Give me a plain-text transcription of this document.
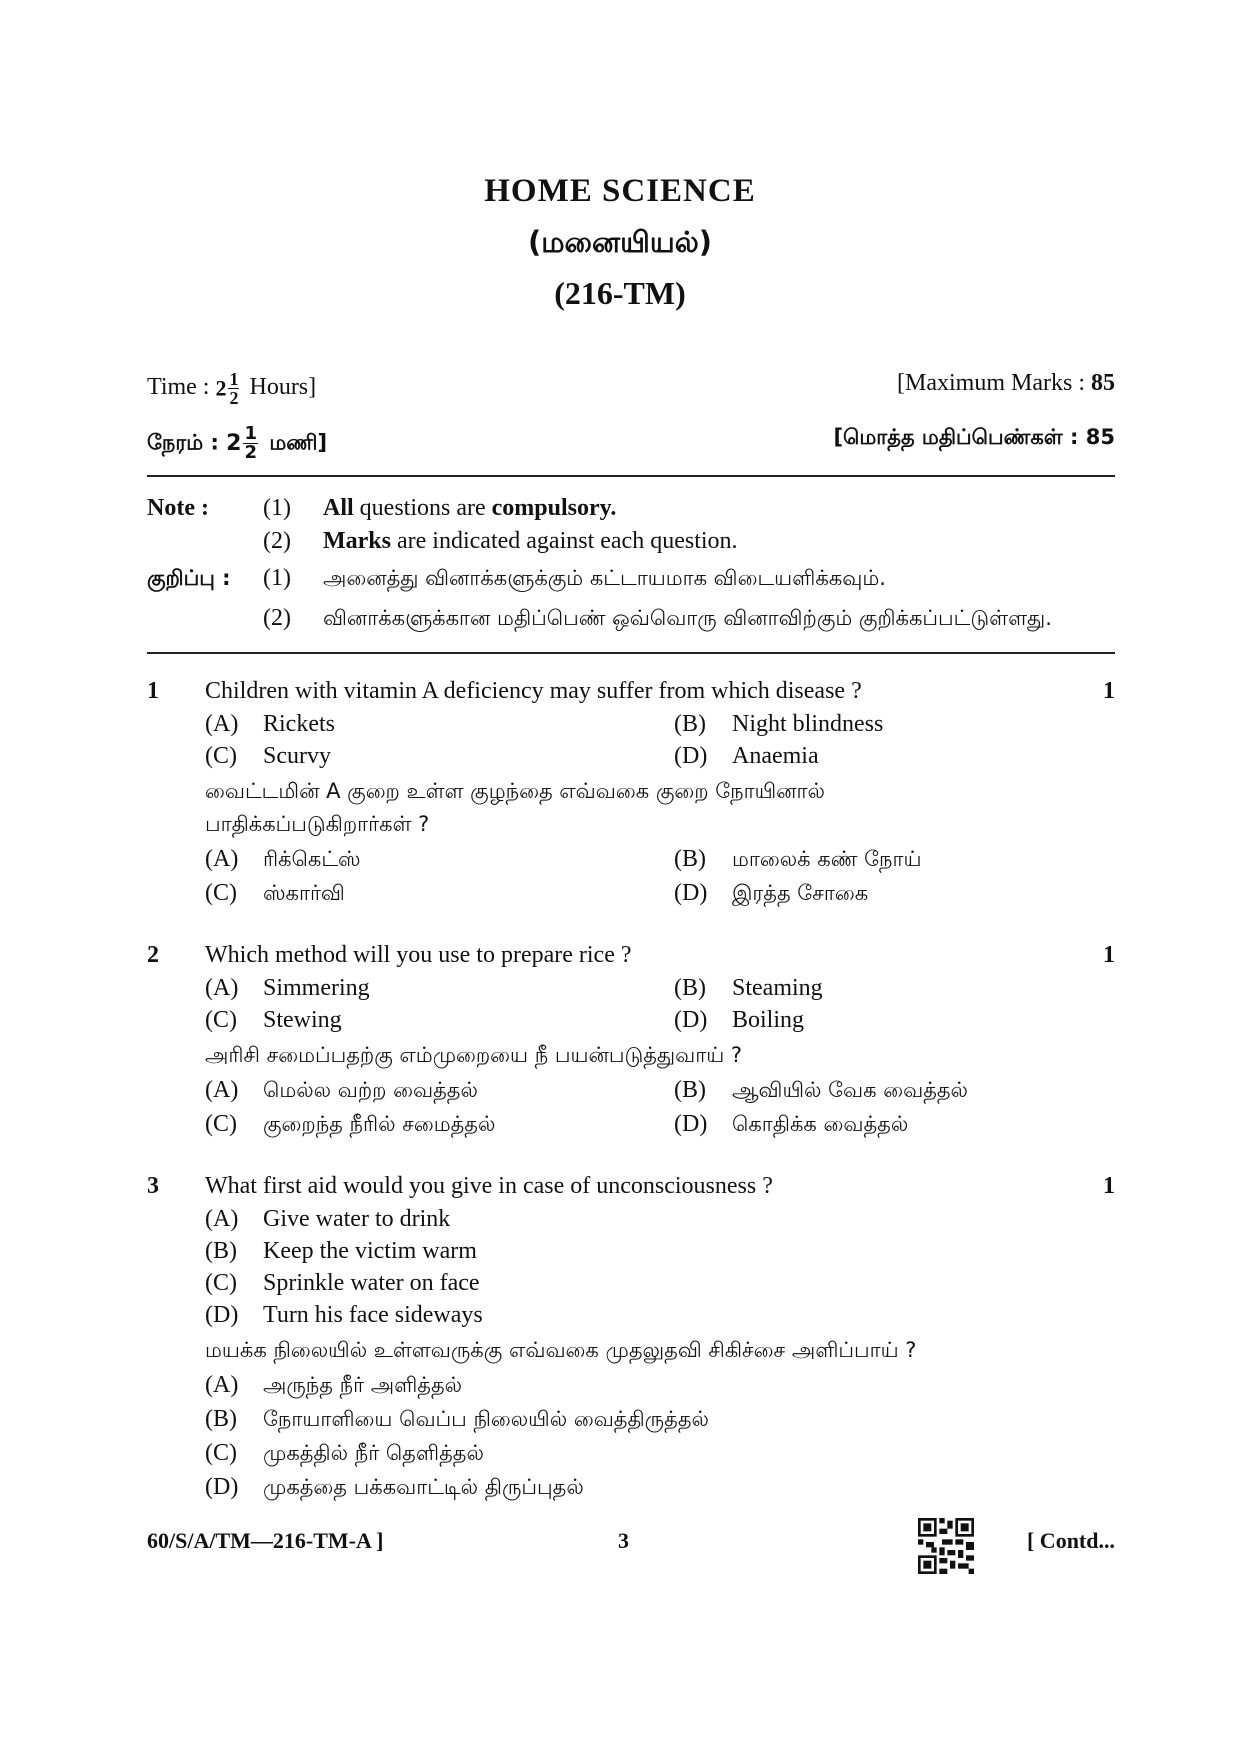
HOME SCIENCE
(மனையியல்)
(216-TM)
Time : $2 \frac{1}{2}$ Hours]	[Maximum Marks : 85
நேரம் : $2 \frac{1}{2}$ மணி]	[மொத்த மதிப்பெண்கள் : 85
Note : (1) All questions are compulsory.
(2) Marks are indicated against each question.
குறிப்பு : (1) அனைத்து வினாக்களுக்கும் கட்டாயமாக விடையளிக்கவும்.
(2) வினாக்களுக்கான மதிப்பெண் ஒவ்வொரு வினாவிற்கும் குறிக்கப்பட்டுள்ளது.
1 Children with vitamin A deficiency may suffer from which disease ?	1
(A) Rickets	(B) Night blindness
(C) Scurvy	(D) Anaemia
வைட்டமின் A குறை உள்ள குழந்தை எவ்வகை குறை நோயினால்
பாதிக்கப்படுகிறார்கள் ?
(A) ரிக்கெட்ஸ்	(B) மாலைக் கண் நோய்
(C) ஸ்கார்வி	(D) இரத்த சோகை
2 Which method will you use to prepare rice ?	1
(A) Simmering	(B) Steaming
(C) Stewing	(D) Boiling
அரிசி சமைப்பதற்கு எம்முறையை நீ பயன்படுத்துவாய் ?
(A) மெல்ல வற்ற வைத்தல்	(B) ஆவியில் வேக வைத்தல்
(C) குறைந்த நீரில் சமைத்தல்	(D) கொதிக்க வைத்தல்
3 What first aid would you give in case of unconsciousness ?	1
(A) Give water to drink
(B) Keep the victim warm
(C) Sprinkle water on face
(D) Turn his face sideways
மயக்க நிலையில் உள்ளவருக்கு எவ்வகை முதலுதவி சிகிச்சை அளிப்பாய் ?
(A) அருந்த நீர் அளித்தல்
(B) நோயாளியை வெப்ப நிலையில் வைத்திருத்தல்
(C) முகத்தில் நீர் தெளித்தல்
(D) முகத்தை பக்கவாட்டில் திருப்புதல்
60/S/A/TM—216-TM-A ]	3	[ Contd...
